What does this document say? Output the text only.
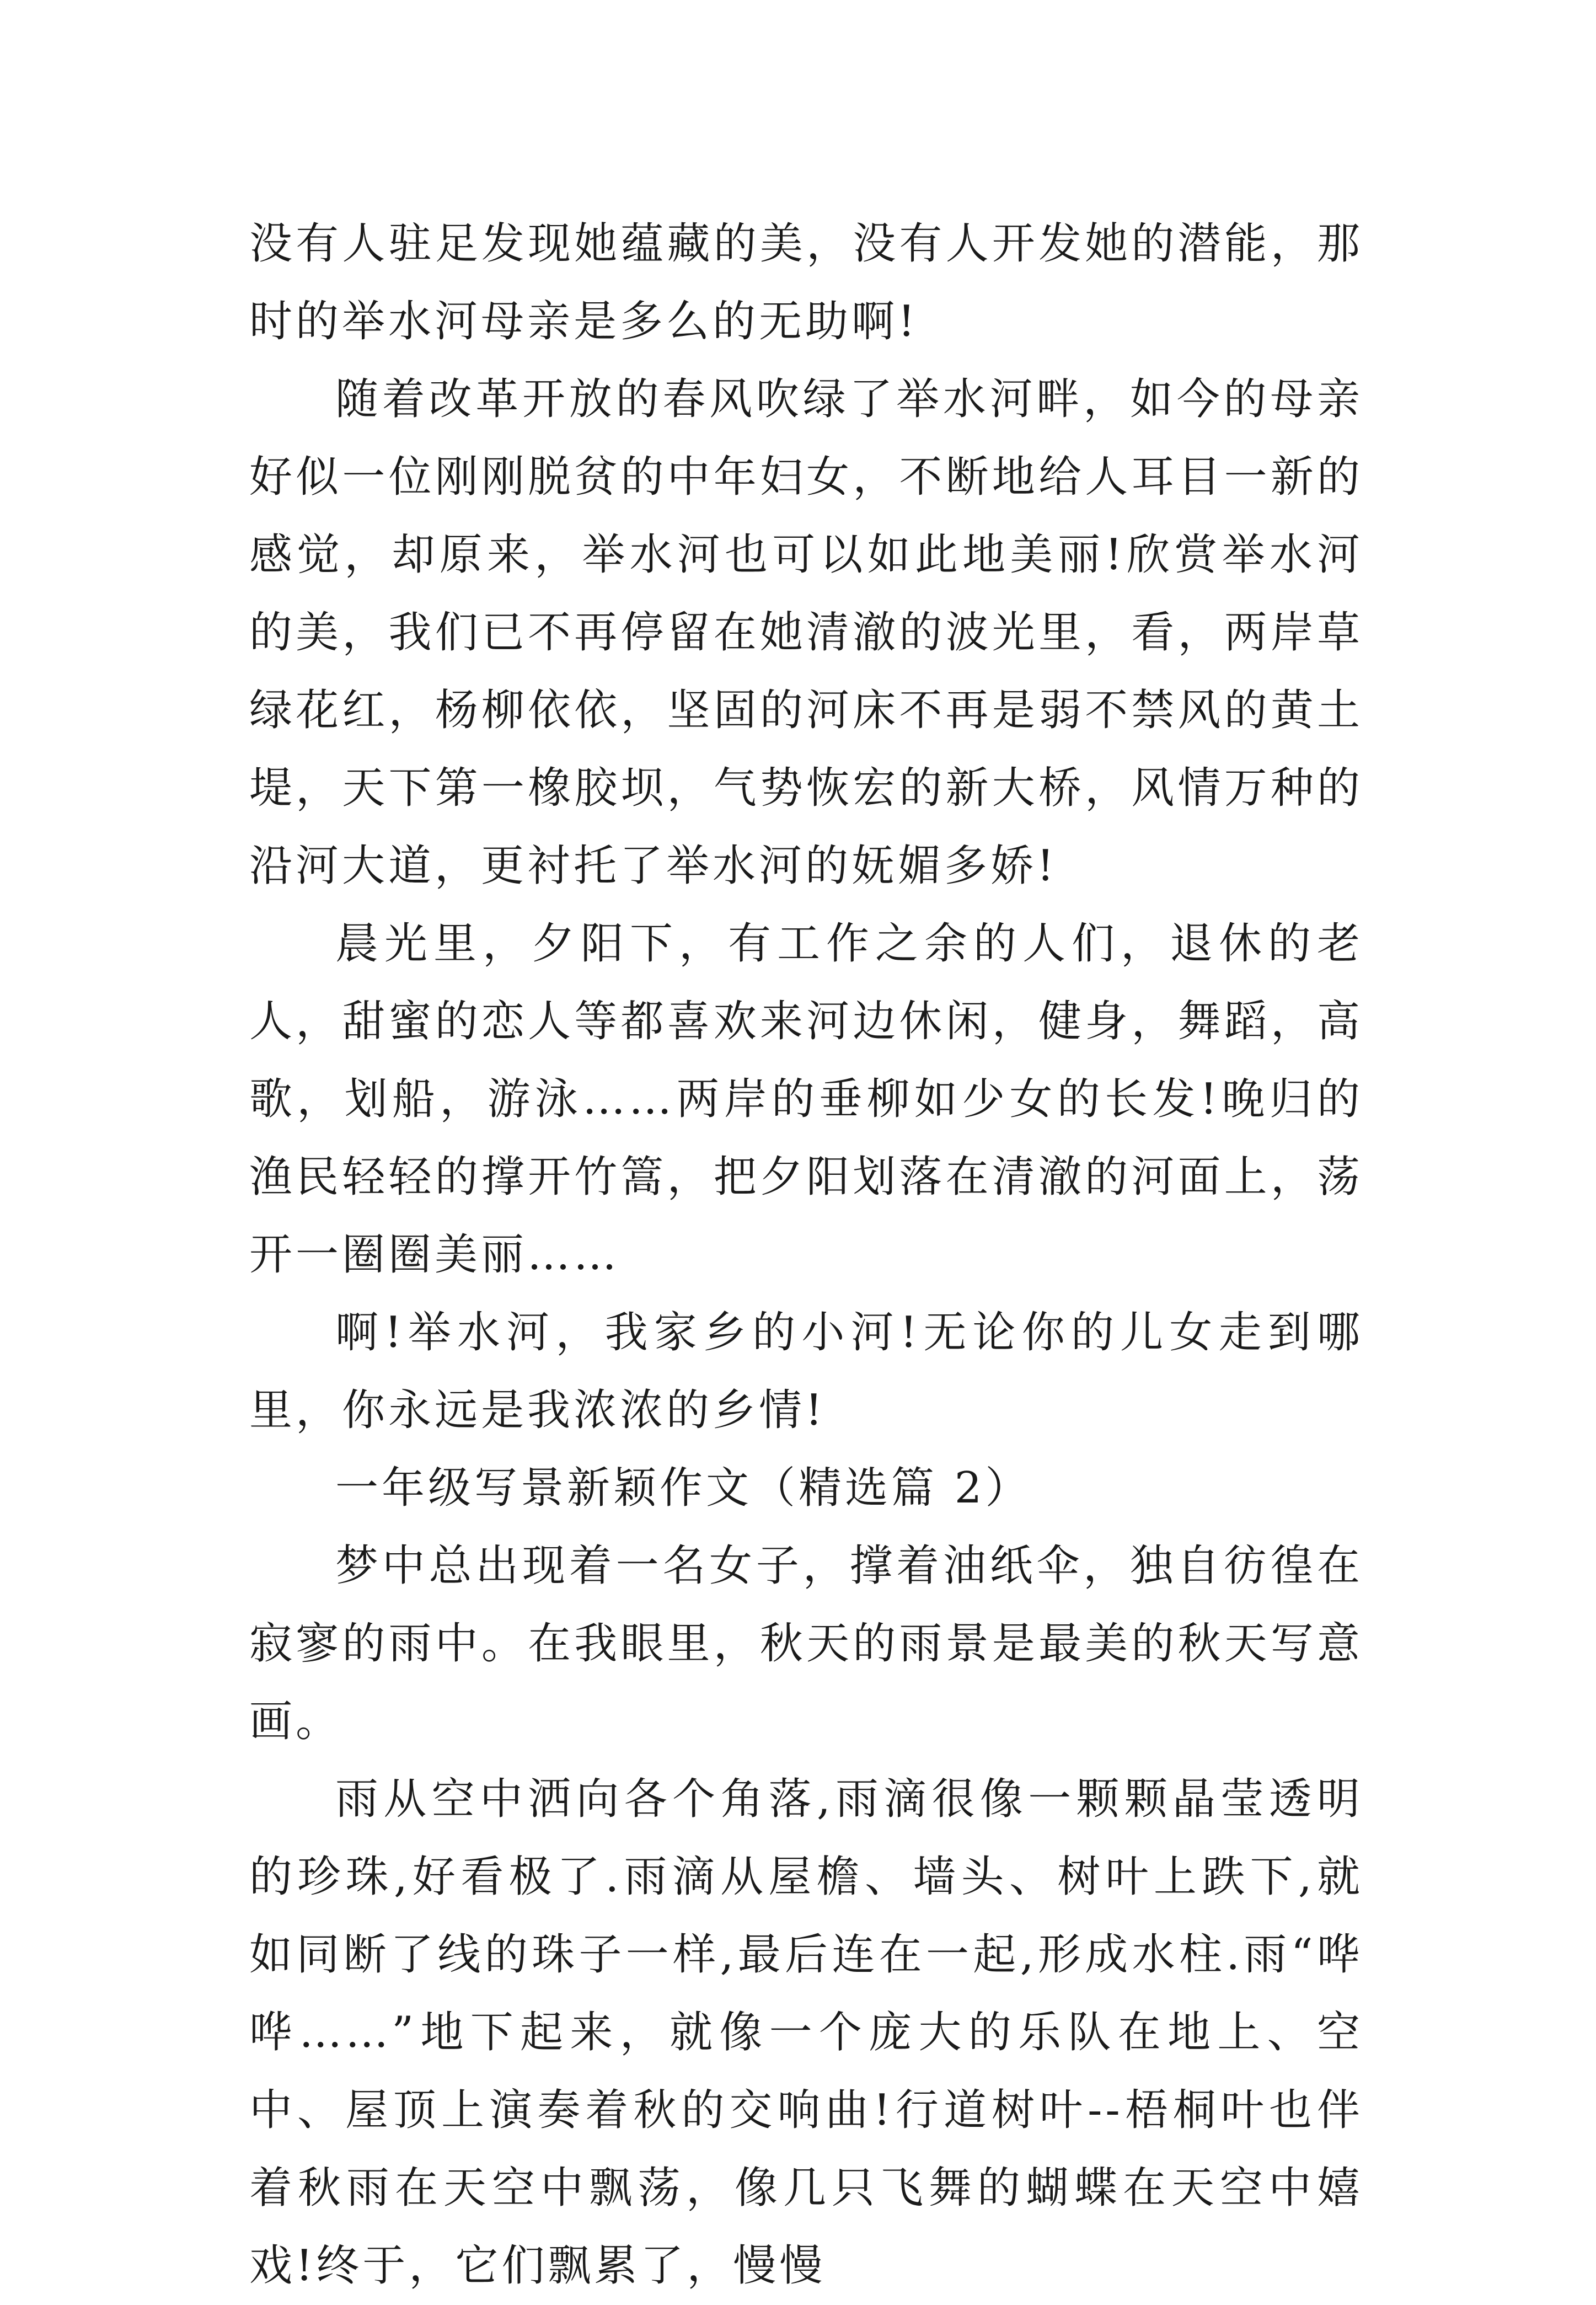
没有人驻足发现她蕴藏的美，没有人开发她的潜能，那时的举水河母亲是多么的无助啊!

随着改革开放的春风吹绿了举水河畔，如今的母亲好似一位刚刚脱贫的中年妇女，不断地给人耳目一新的感觉，却原来，举水河也可以如此地美丽!欣赏举水河的美，我们已不再停留在她清澈的波光里，看，两岸草绿花红，杨柳依依，坚固的河床不再是弱不禁风的黄土堤，天下第一橡胶坝，气势恢宏的新大桥，风情万种的沿河大道，更衬托了举水河的妩媚多娇!

晨光里，夕阳下，有工作之余的人们，退休的老人，甜蜜的恋人等都喜欢来河边休闲，健身，舞蹈，高歌，划船，游泳……两岸的垂柳如少女的长发!晚归的渔民轻轻的撑开竹篙，把夕阳划落在清澈的河面上，荡开一圈圈美丽……

啊!举水河，我家乡的小河!无论你的儿女走到哪里，你永远是我浓浓的乡情!

一年级写景新颖作文（精选篇 2）

梦中总出现着一名女子，撑着油纸伞，独自彷徨在寂寥的雨中。在我眼里，秋天的雨景是最美的秋天写意画。

雨从空中洒向各个角落,雨滴很像一颗颗晶莹透明的珍珠,好看极了.雨滴从屋檐、墙头、树叶上跌下,就如同断了线的珠子一样,最后连在一起,形成水柱.雨“哗哗……”地下起来，就像一个庞大的乐队在地上、空中、屋顶上演奏着秋的交响曲!行道树叶--梧桐叶也伴着秋雨在天空中飘荡，像几只飞舞的蝴蝶在天空中嬉戏!终于，它们飘累了，慢慢
